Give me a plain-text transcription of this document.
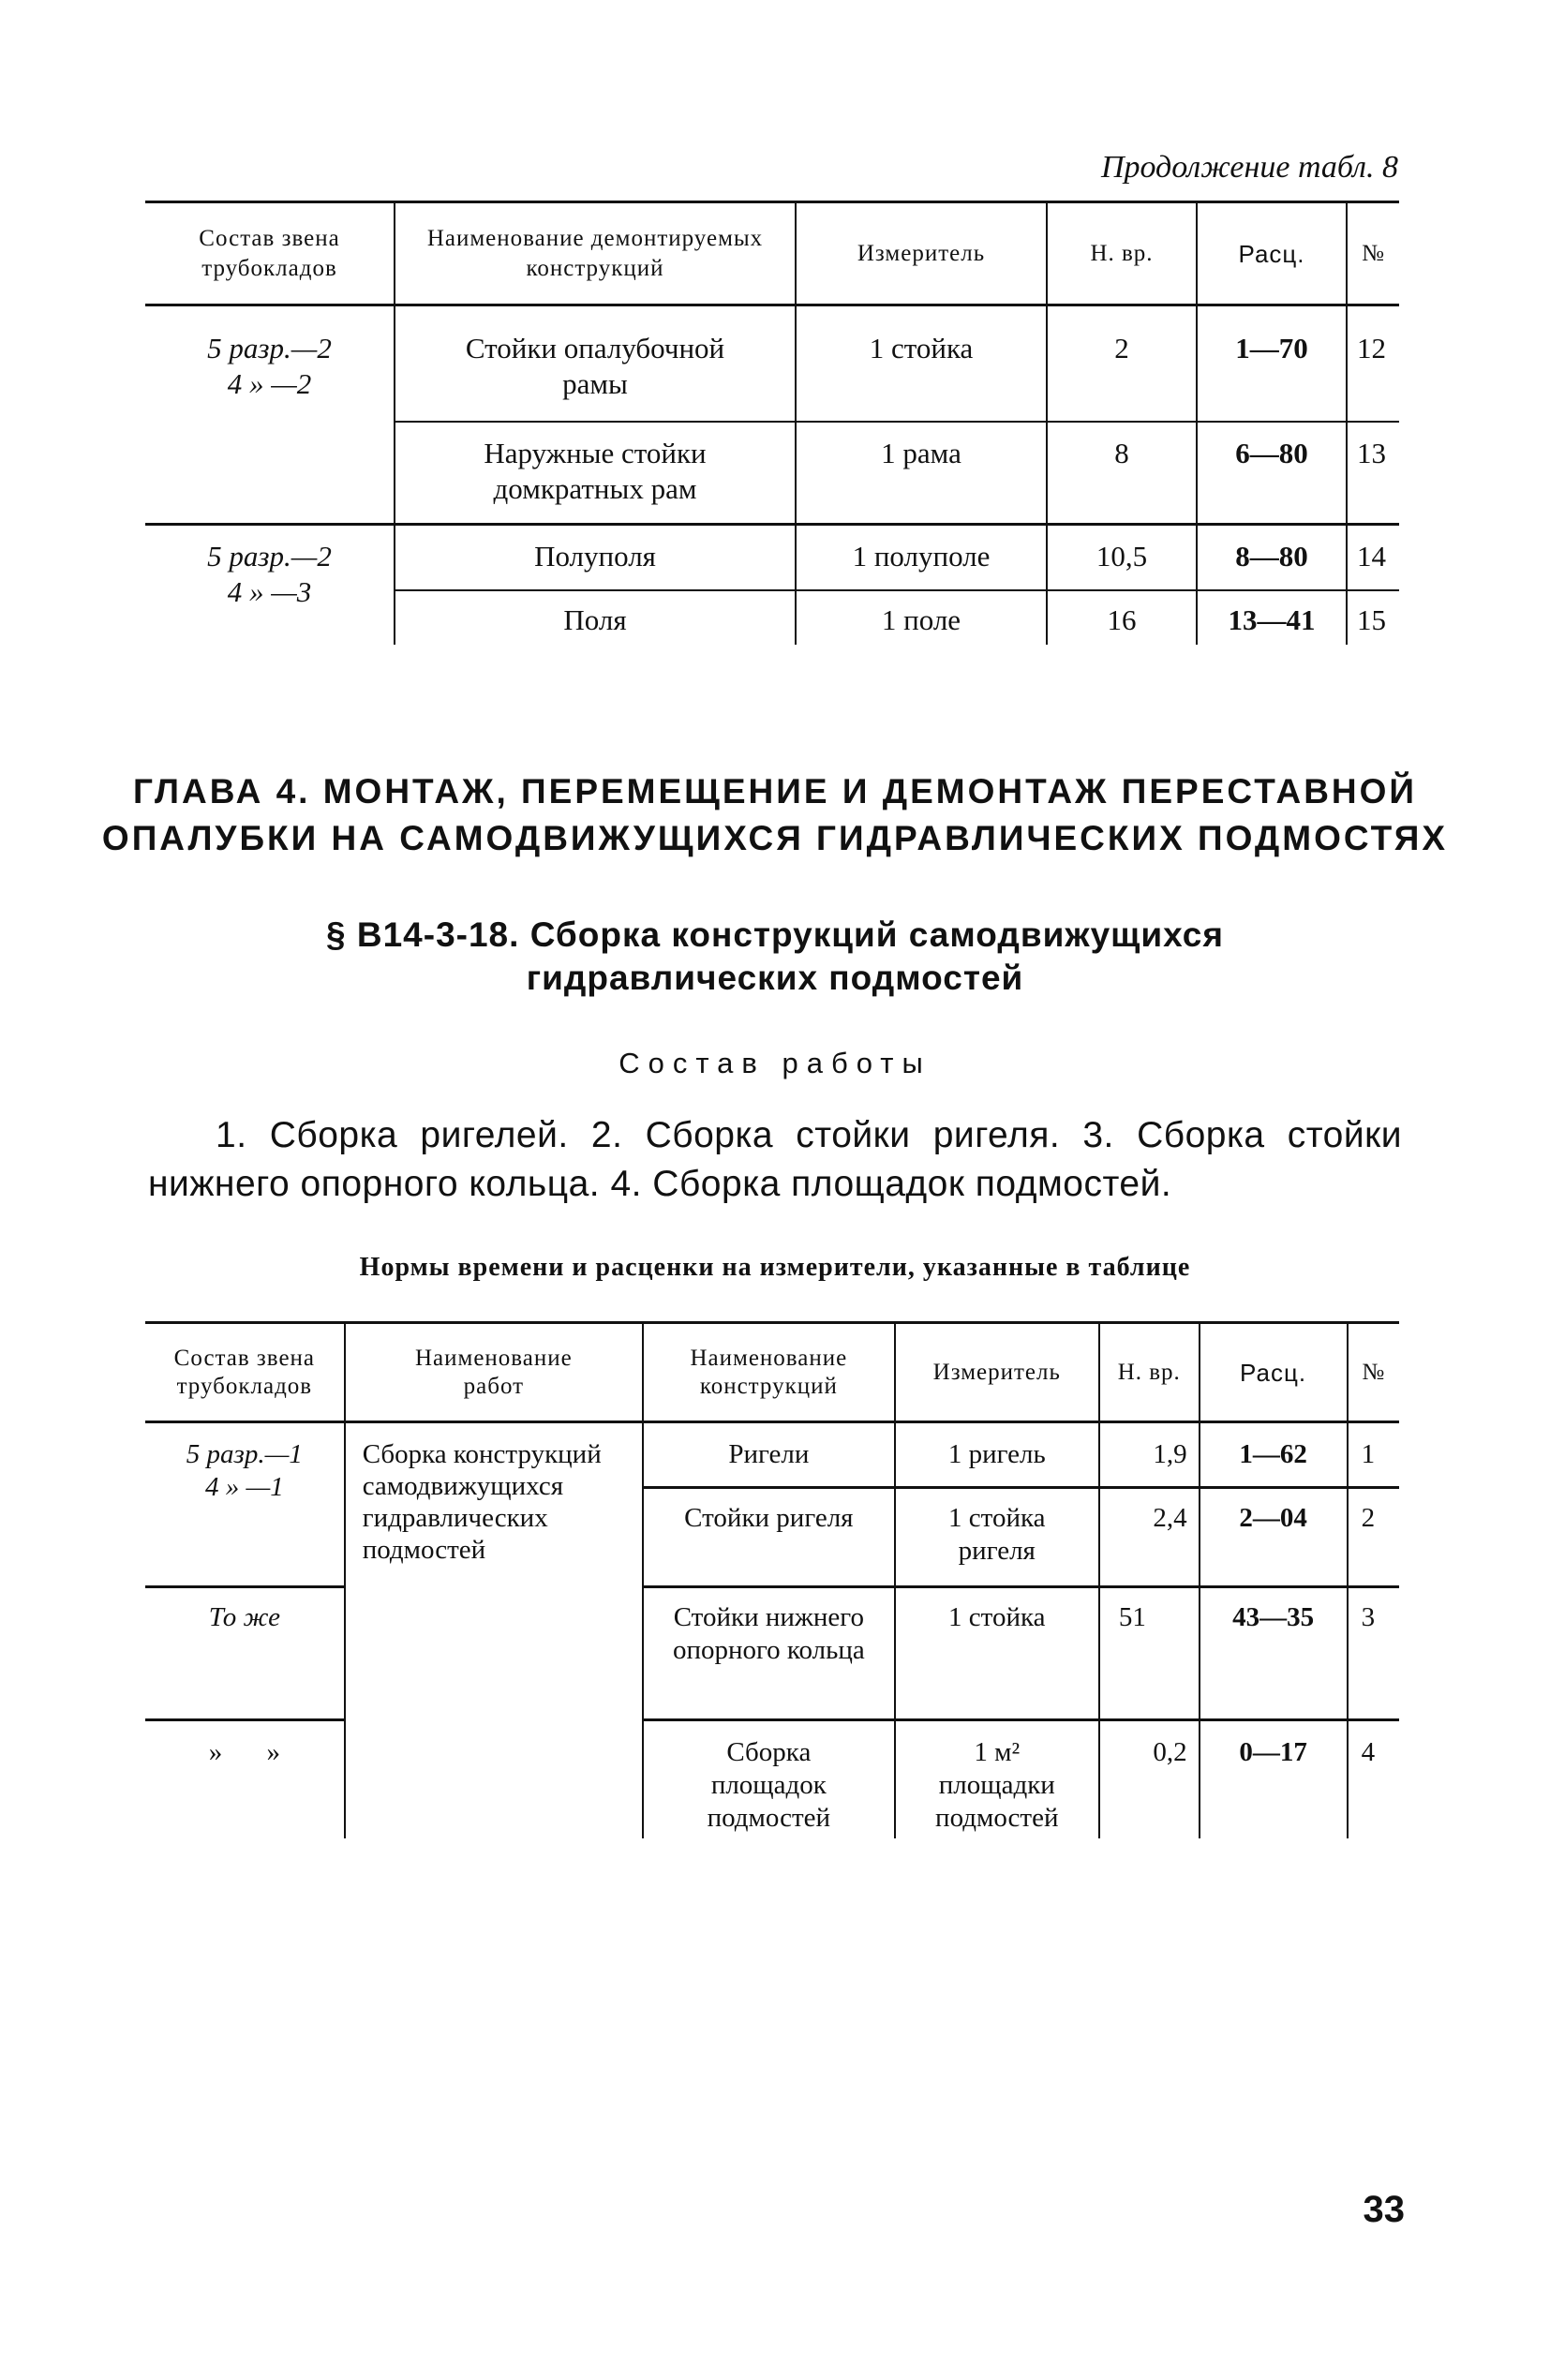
Продолжение табл. 8
Состав звена трубокладов	Наименование демонтируемых конструкций	Измеритель	Н. вр.	Расц.	№

5 разр.—2
4 » —2	Стойки опалубочной рамы	1 стойка	2	1—70	12
	Наружные стойки домкратных рам	1 рама	8	6—80	13

5 разр.—2
4 » —3	Полуполя	1 полуполе	10,5	8—80	14
	Поля	1 поле	16	13—41	15
ГЛАВА 4. МОНТАЖ, ПЕРЕМЕЩЕНИЕ И ДЕМОНТАЖ ПЕРЕСТАВНОЙ
ОПАЛУБКИ НА САМОДВИЖУЩИХСЯ ГИДРАВЛИЧЕСКИХ ПОДМОСТЯХ
§ В14-3-18. Сборка конструкций самодвижущихся
гидравлических подмостей
Состав работы
1. Сборка ригелей. 2. Сборка стойки ригеля. 3. Сборка стойки нижнего опорного кольца. 4. Сборка площадок подмостей.
Нормы времени и расценки на измерители, указанные в таблице
Состав звена трубокладов	Наименование работ	Наименование конструкций	Измеритель	Н. вр.	Расц.	№

5 разр.—1
4 » —1	Сборка конструкций самодвижущихся гидравлических подмостей	Ригели	1 ригель	1,9	1—62	1
		Стойки ригеля	1 стойка ригеля	2,4	2—04	2
То же		Стойки нижнего опорного кольца	1 стойка	51	43—35	3
» »		Сборка площадок подмостей	1 м² площадки подмостей	0,2	0—17	4
33
